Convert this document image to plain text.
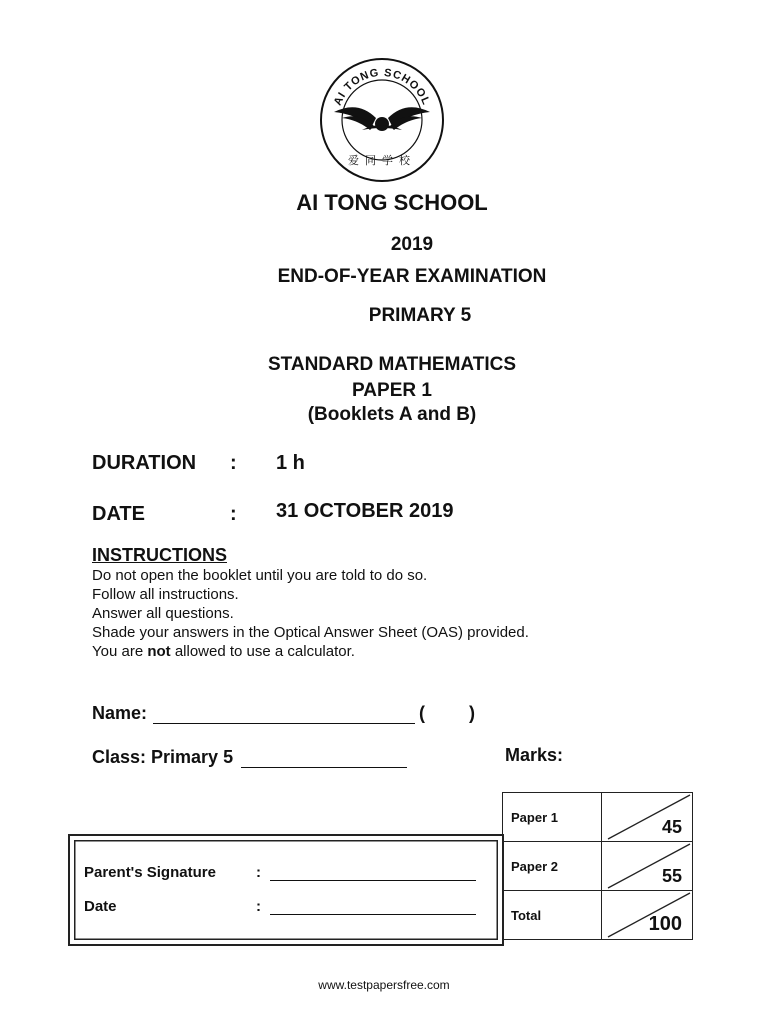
AI TONG SCHOOL
爱同学校
AI TONG SCHOOL
2019
END-OF-YEAR EXAMINATION
PRIMARY 5
STANDARD MATHEMATICS
PAPER 1
(Booklets A and B)
DURATION : 1 h
DATE	: 31 OCTOBER 2019
INSTRUCTIONS
Do not open the booklet until you are told to do so.
Follow all instructions.
Answer all questions.
Shade your answers in the Optical Answer Sheet (OAS) provided.
You are not allowed to use a calculator.
Name:	( )
Class: Primary 5	Marks:
Parent's Signature	:
Date	:
Paper 1	45

Paper 2	55

Total	100
www.testpapersfree.com
